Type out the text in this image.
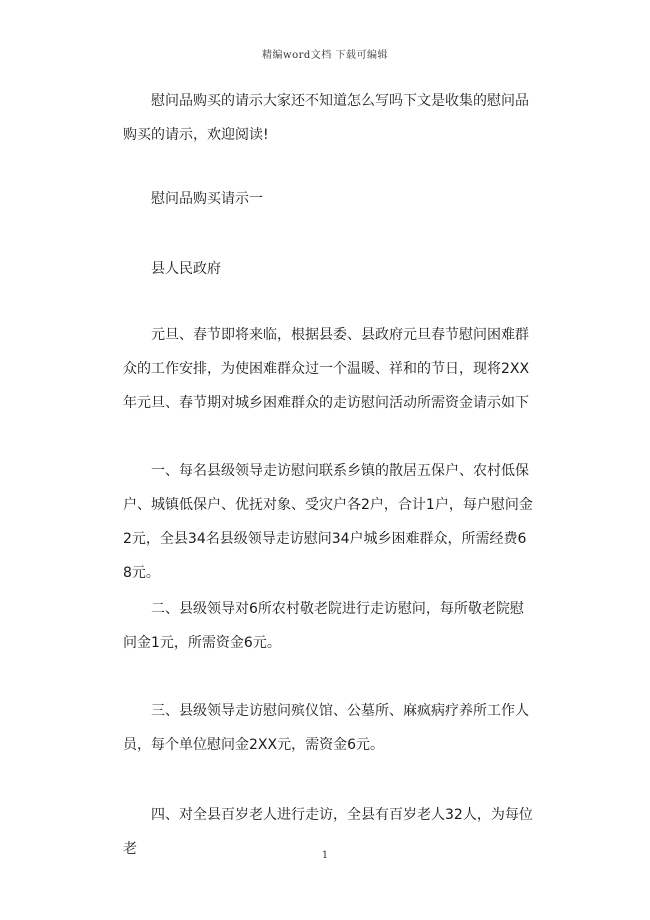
精编word文档 下载可编辑

慰问品购买的请示大家还不知道怎么写吗下文是收集的慰问品购买的请示，欢迎阅读!

慰问品购买请示一

县人民政府

元旦、春节即将来临，根据县委、县政府元旦春节慰问困难群众的工作安排，为使困难群众过一个温暖、祥和的节日，现将2XX年元旦、春节期对城乡困难群众的走访慰问活动所需资金请示如下

一、每名县级领导走访慰问联系乡镇的散居五保户、农村低保户、城镇低保户、优抚对象、受灾户各2户，合计1户，每户慰问金2元，全县34名县级领导走访慰问34户城乡困难群众，所需经费68元。

二、县级领导对6所农村敬老院进行走访慰问，每所敬老院慰问金1元，所需资金6元。

三、县级领导走访慰问殡仪馆、公墓所、麻疯病疗养所工作人员，每个单位慰问金2XX元，需资金6元。

四、对全县百岁老人进行走访，全县有百岁老人32人，为每位老	1
